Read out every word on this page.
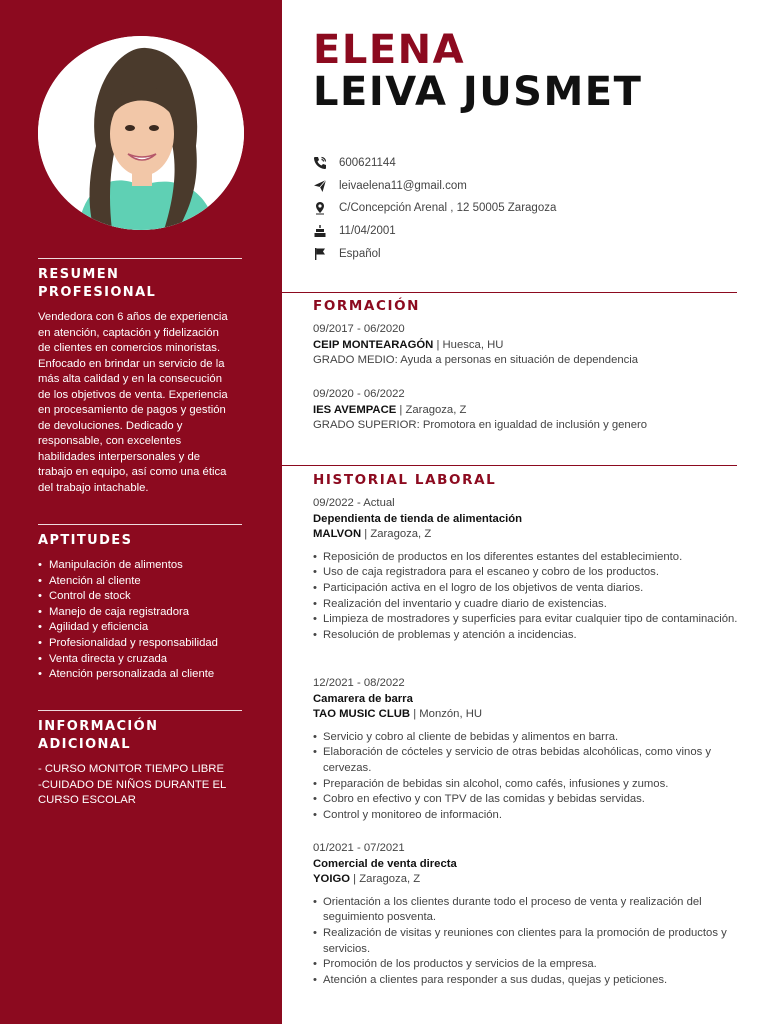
RESUMEN
PROFESIONAL
Vendedora con 6 años de experiencia
en atención, captación y fidelización
de clientes en comercios minoristas.
Enfocado en brindar un servicio de la
más alta calidad y en la consecución
de los objetivos de venta. Experiencia
en procesamiento de pagos y gestión
de devoluciones. Dedicado y
responsable, con excelentes
habilidades interpersonales y de
trabajo en equipo, así como una ética
del trabajo intachable.
APTITUDES
• Manipulación de alimentos
• Atención al cliente
• Control de stock
• Manejo de caja registradora
• Agilidad y eficiencia
• Profesionalidad y responsabilidad
• Venta directa y cruzada
• Atención personalizada al cliente
INFORMACIÓN
ADICIONAL
- CURSO MONITOR TIEMPO LIBRE
-CUIDADO DE NIÑOS DURANTE EL
CURSO ESCOLAR
ELENA
LEIVA JUSMET
600621144
leivaelena11@gmail.com
C/Concepción Arenal , 12 50005 Zaragoza
11/04/2001
Español
FORMACIÓN
09/2017 - 06/2020
CEIP MONTEARAGÓN | Huesca, HU
GRADO MEDIO: Ayuda a personas en situación de dependencia
09/2020 - 06/2022
IES AVEMPACE | Zaragoza, Z
GRADO SUPERIOR: Promotora en igualdad de inclusión y genero
HISTORIAL LABORAL
09/2022 - Actual
Dependienta de tienda de alimentación
MALVON | Zaragoza, Z
• Reposición de productos en los diferentes estantes del establecimiento.
• Uso de caja registradora para el escaneo y cobro de los productos.
• Participación activa en el logro de los objetivos de venta diarios.
• Realización del inventario y cuadre diario de existencias.
• Limpieza de mostradores y superficies para evitar cualquier tipo de contaminación.
• Resolución de problemas y atención a incidencias.
12/2021 - 08/2022
Camarera de barra
TAO MUSIC CLUB | Monzón, HU
• Servicio y cobro al cliente de bebidas y alimentos en barra.
• Elaboración de cócteles y servicio de otras bebidas alcohólicas, como vinos y cervezas.
• Preparación de bebidas sin alcohol, como cafés, infusiones y zumos.
• Cobro en efectivo y con TPV de las comidas y bebidas servidas.
• Control y monitoreo de información.
01/2021 - 07/2021
Comercial de venta directa
YOIGO | Zaragoza, Z
• Orientación a los clientes durante todo el proceso de venta y realización del seguimiento posventa.
• Realización de visitas y reuniones con clientes para la promoción de productos y servicios.
• Promoción de los productos y servicios de la empresa.
• Atención a clientes para responder a sus dudas, quejas y peticiones.
